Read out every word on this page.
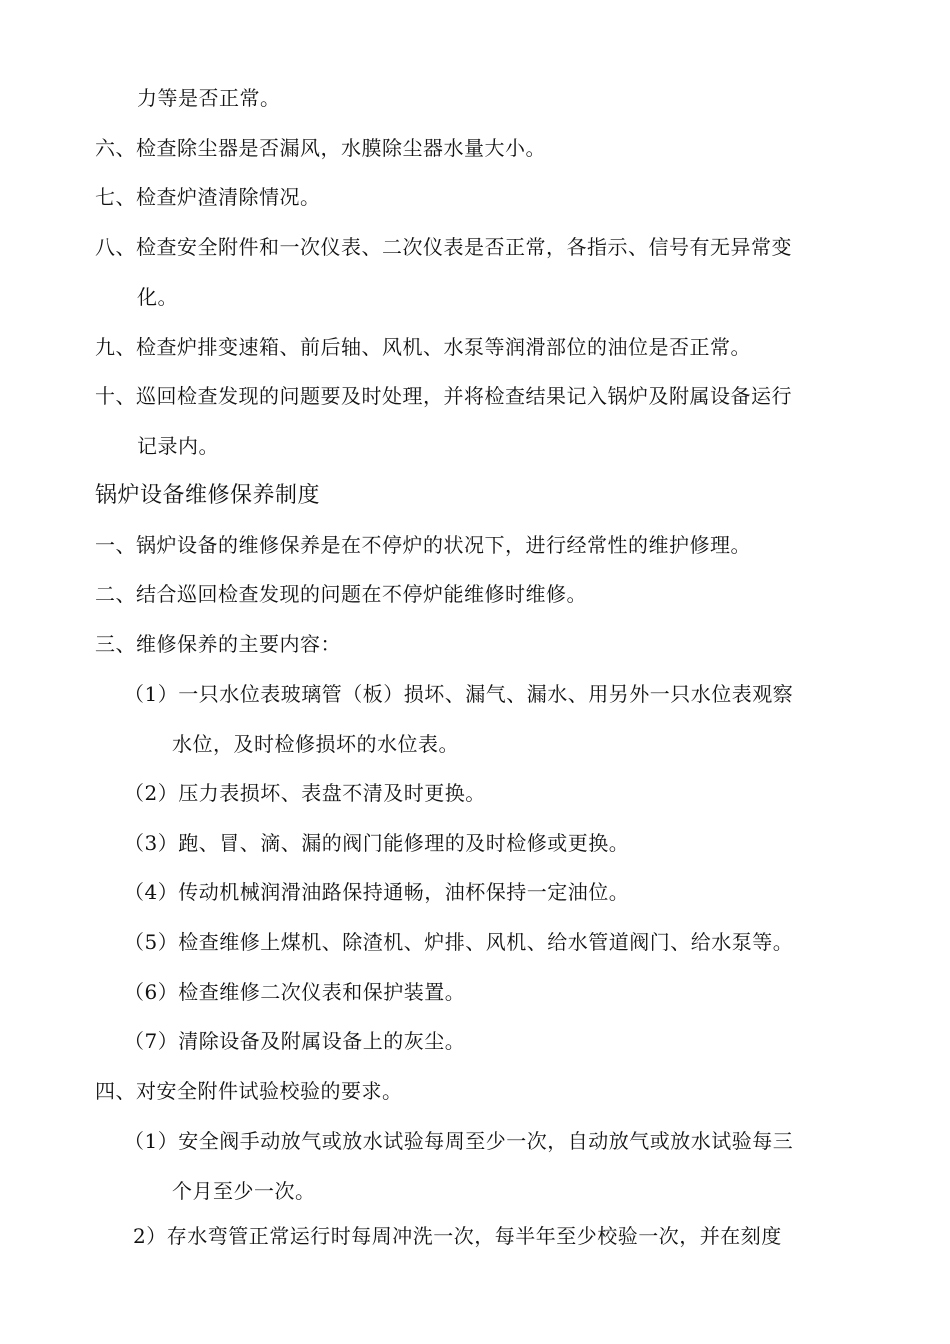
力等是否正常。
六、检查除尘器是否漏风，水膜除尘器水量大小。
七、检查炉渣清除情况。
八、检查安全附件和一次仪表、二次仪表是否正常，各指示、信号有无异常变
化。
九、检查炉排变速箱、前后轴、风机、水泵等润滑部位的油位是否正常。
十、巡回检查发现的问题要及时处理，并将检查结果记入锅炉及附属设备运行
记录内。
锅炉设备维修保养制度
一、锅炉设备的维修保养是在不停炉的状况下，进行经常性的维护修理。
二、结合巡回检查发现的问题在不停炉能维修时维修。
三、维修保养的主要内容：
（1）一只水位表玻璃管（板）损坏、漏气、漏水、用另外一只水位表观察
水位，及时检修损坏的水位表。
（2）压力表损坏、表盘不清及时更换。
（3）跑、冒、滴、漏的阀门能修理的及时检修或更换。
（4）传动机械润滑油路保持通畅，油杯保持一定油位。
（5）检查维修上煤机、除渣机、炉排、风机、给水管道阀门、给水泵等。
（6）检查维修二次仪表和保护装置。
（7）清除设备及附属设备上的灰尘。
四、对安全附件试验校验的要求。
（1）安全阀手动放气或放水试验每周至少一次，自动放气或放水试验每三
个月至少一次。
2）存水弯管正常运行时每周冲洗一次，每半年至少校验一次，并在刻度
